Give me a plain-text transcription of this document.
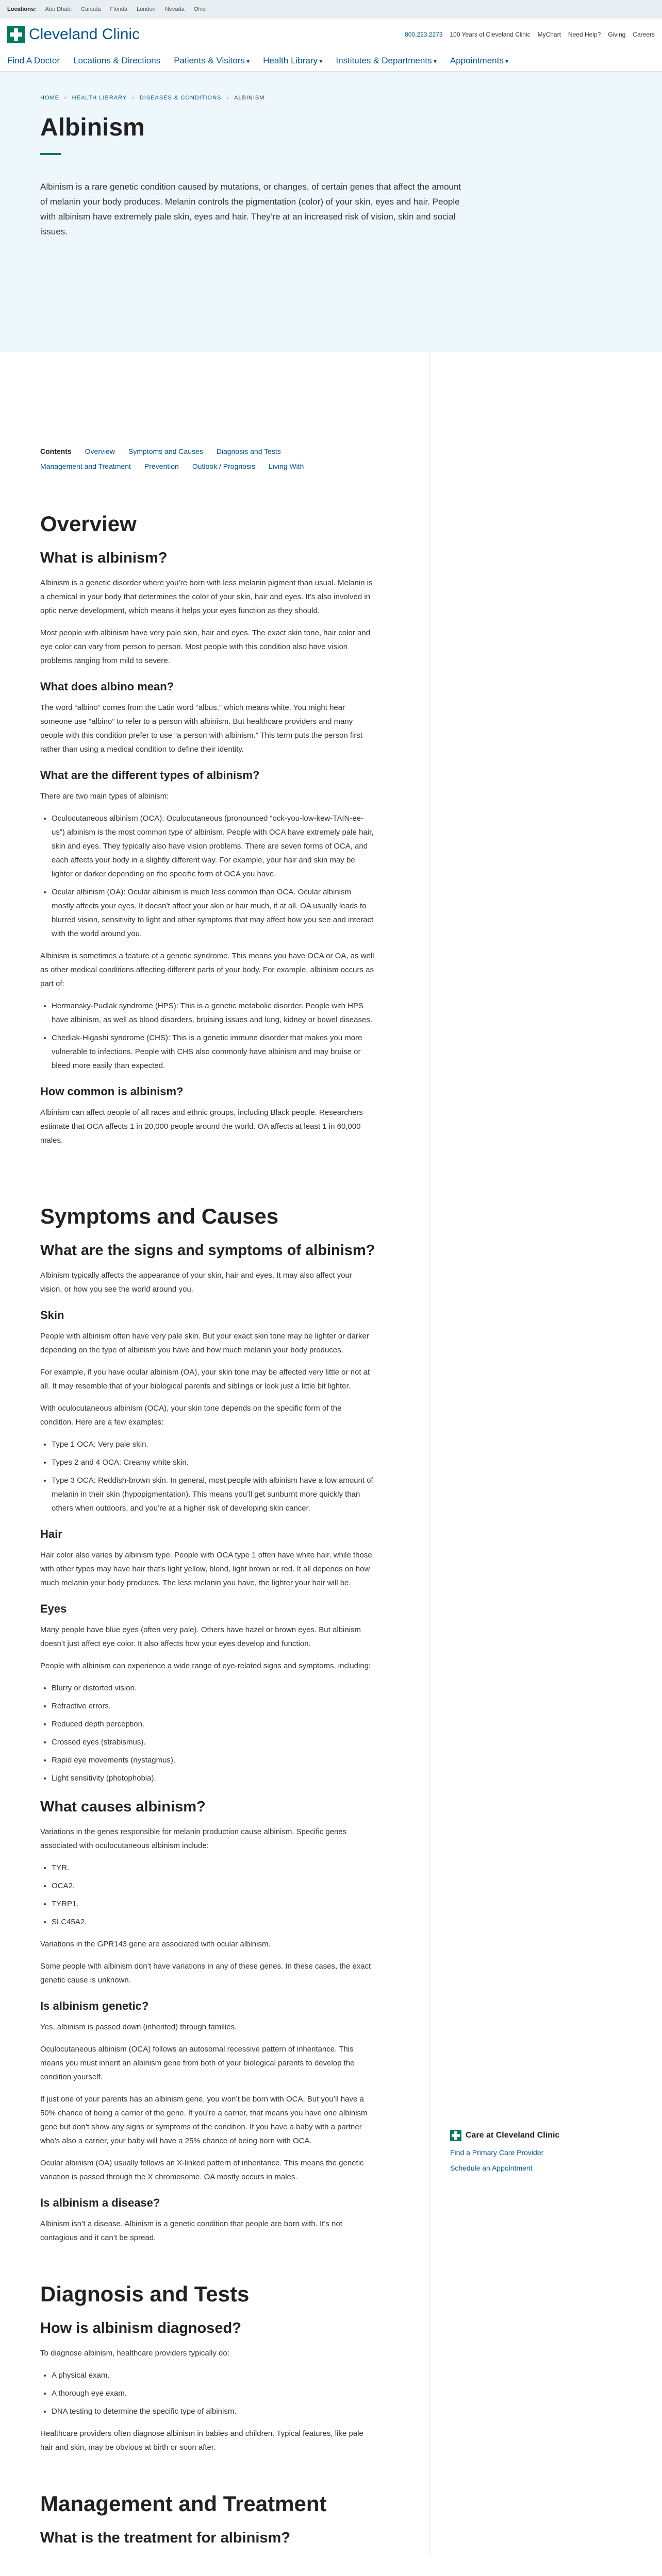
Locations: Abu Dhabi Canada Florida London Nevada Ohio
Cleveland Clinic	800.223.2273 100 Years of Cleveland Clinic MyChart Need Help? Giving Careers
Find A Doctor Locations & Directions Patients & Visitors ▾	Health Library ▾	Institutes & Departments ▾	Appointments ▾
HOME › HEALTH LIBRARY › DISEASES & CONDITIONS › ALBINISM
Albinism

Albinism is a rare genetic condition caused by mutations, or changes, of certain genes that affect the amount of melanin your body produces. Melanin controls the pigmentation (color) of your skin, eyes and hair. People with albinism have extremely pale skin, eyes and hair. They’re at an increased risk of vision, skin and social issues.

Contents Overview Symptoms and Causes Diagnosis and Tests
Management and Treatment Prevention Outlook / Prognosis Living With
Overview
What is albinism?

Albinism is a genetic disorder where you’re born with less melanin pigment than usual. Melanin is a chemical in your body that determines the color of your skin, hair and eyes. It’s also involved in optic nerve development, which means it helps your eyes function as they should.

Most people with albinism have very pale skin, hair and eyes. The exact skin tone, hair color and eye color can vary from person to person. Most people with this condition also have vision problems ranging from mild to severe.

What does albino mean?

The word “albino” comes from the Latin word “albus,” which means white. You might hear someone use “albino” to refer to a person with albinism. But healthcare providers and many people with this condition prefer to use “a person with albinism.” This term puts the person first rather than using a medical condition to define their identity.

What are the different types of albinism?

There are two main types of albinism:

• Oculocutaneous albinism (OCA): Oculocutaneous (pronounced “ock-you-low-kew-TAIN-ee-us”) albinism is the most common type of albinism. People with OCA have extremely pale hair, skin and eyes. They typically also have vision problems. There are seven forms of OCA, and each affects your body in a slightly different way. For example, your hair and skin may be lighter or darker depending on the specific form of OCA you have.
• Ocular albinism (OA): Ocular albinism is much less common than OCA. Ocular albinism mostly affects your eyes. It doesn’t affect your skin or hair much, if at all. OA usually leads to blurred vision, sensitivity to light and other symptoms that may affect how you see and interact with the world around you.

Albinism is sometimes a feature of a genetic syndrome. This means you have OCA or OA, as well as other medical conditions affecting different parts of your body. For example, albinism occurs as part of:

• Hermansky-Pudlak syndrome (HPS): This is a genetic metabolic disorder. People with HPS have albinism, as well as blood disorders, bruising issues and lung, kidney or bowel diseases.
• Chediak-Higashi syndrome (CHS): This is a genetic immune disorder that makes you more vulnerable to infections. People with CHS also commonly have albinism and may bruise or bleed more easily than expected.
How common is albinism?

Albinism can affect people of all races and ethnic groups, including Black people. Researchers estimate that OCA affects 1 in 20,000 people around the world. OA affects at least 1 in 60,000 males.

Symptoms and Causes
What are the signs and symptoms of albinism?

Albinism typically affects the appearance of your skin, hair and eyes. It may also affect your vision, or how you see the world around you.

Skin

People with albinism often have very pale skin. But your exact skin tone may be lighter or darker depending on the type of albinism you have and how much melanin your body produces.

For example, if you have ocular albinism (OA), your skin tone may be affected very little or not at all. It may resemble that of your biological parents and siblings or look just a little bit lighter.

With oculocutaneous albinism (OCA), your skin tone depends on the specific form of the condition. Here are a few examples:

• Type 1 OCA: Very pale skin.
• Types 2 and 4 OCA: Creamy white skin.
• Type 3 OCA: Reddish-brown skin. In general, most people with albinism have a low amount of melanin in their skin (hypopigmentation). This means you’ll get sunburnt more quickly than others when outdoors, and you’re at a higher risk of developing skin cancer.
Hair

Hair color also varies by albinism type. People with OCA type 1 often have white hair, while those with other types may have hair that’s light yellow, blond, light brown or red. It all depends on how much melanin your body produces. The less melanin you have, the lighter your hair will be.

Eyes

Many people have blue eyes (often very pale). Others have hazel or brown eyes. But albinism doesn’t just affect eye color. It also affects how your eyes develop and function.

People with albinism can experience a wide range of eye-related signs and symptoms, including:

• Blurry or distorted vision.
• Refractive errors.
• Reduced depth perception.
• Crossed eyes (strabismus).
• Rapid eye movements (nystagmus).
• Light sensitivity (photophobia).
What causes albinism?

Variations in the genes responsible for melanin production cause albinism. Specific genes associated with oculocutaneous albinism include:

• TYR.
• OCA2.
• TYRP1.
• SLC45A2.

Variations in the GPR143 gene are associated with ocular albinism.

Some people with albinism don’t have variations in any of these genes. In these cases, the exact genetic cause is unknown.

Is albinism genetic?

Yes, albinism is passed down (inherited) through families.

Oculocutaneous albinism (OCA) follows an autosomal recessive pattern of inheritance. This means you must inherit an albinism gene from both of your biological parents to develop the condition yourself.

If just one of your parents has an albinism gene, you won’t be born with OCA. But you’ll have a 50% chance of being a carrier of the gene. If you’re a carrier, that means you have one albinism gene but don’t show any signs or symptoms of the condition. If you have a baby with a partner who’s also a carrier, your baby will have a 25% chance of being born with OCA.

Ocular albinism (OA) usually follows an X-linked pattern of inheritance. This means the genetic variation is passed through the X chromosome. OA mostly occurs in males.

Is albinism a disease?

Albinism isn’t a disease. Albinism is a genetic condition that people are born with. It’s not contagious and it can’t be spread.

Diagnosis and Tests
How is albinism diagnosed?

To diagnose albinism, healthcare providers typically do:

• A physical exam.
• A thorough eye exam.
• DNA testing to determine the specific type of albinism.

Healthcare providers often diagnose albinism in babies and children. Typical features, like pale hair and skin, may be obvious at birth or soon after.

Management and Treatment
What is the treatment for albinism?
Care at Cleveland Clinic
Find a Primary Care Provider
Schedule an Appointment
